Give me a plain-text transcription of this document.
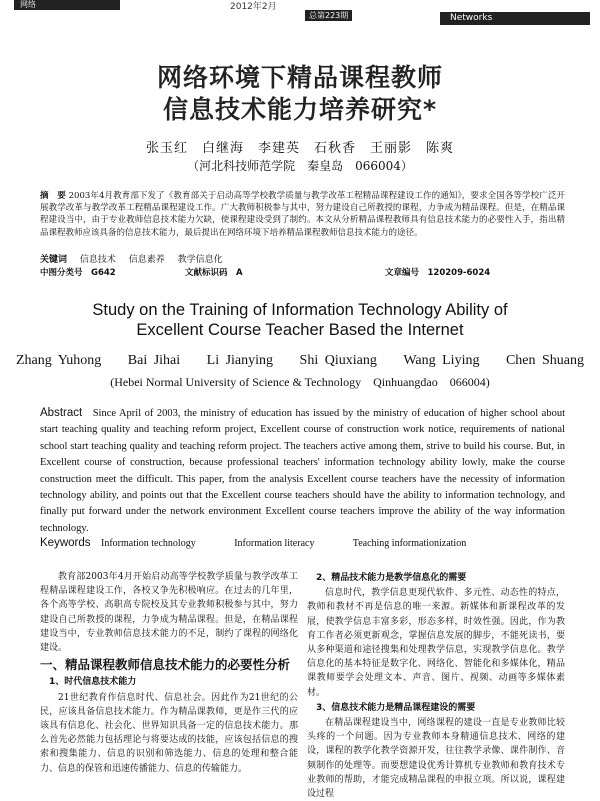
网络	2012年2月
总第223期	Networks
网络环境下精品课程教师
信息技术能力培养研究*
张玉红　白继海　李建英　石秋香　王丽影　陈爽
（河北科技师范学院　秦皇岛　066004）
摘　要 2003年4月教育部下发了《教育部关于启动高等学校教学质量与教学改革工程精品课程建设工作的通知》，要求全国各等学校广泛开展教学改革与教学改革工程精品课程建设工作。广大教师积极参与其中，努力建设自己所教授的课程，力争成为精品课程。但是，在精品课程建设当中，由于专业教师信息技术能力欠缺，使课程建设受到了制约。本文从分析精品课程教师具有信息技术能力的必要性入手，指出精品课程教师应该具备的信息技术能力，最后提出在网络环境下培养精品课程教师信息技术能力的途径。
关键词 信息技术 信息素养 教学信息化
中图分类号　G642	文献标识码　A	文章编号　120209-6024
Study on the Training of Information Technology Ability of
Excellent Course Teacher Based the Internet
Zhang Yuhong Bai Jihai Li Jianying Shi Qiuxiang Wang Liying Chen Shuang
(Hebei Normal University of Science & Technology　Qinhuangdao　066004)
Abstract Since April of 2003, the ministry of education has issued by the ministry of education of higher school about start teaching quality and teaching reform project, Excellent course of construction work notice, requirements of national school start teaching quality and teaching reform project. The teachers active among them, strive to build his course. But, in Excellent course of construction, because professional teachers' information technology ability lowly, make the course construction meet the difficult. This paper, from the analysis Excellent course teachers have the necessity of information technology ability, and points out that the Excellent course teachers should have the ability to information technology, and finally put forward under the network environment Excellent course teachers improve the ability of the way information technology.
Keywords Information technology	Information literacy	Teaching informationization

教育部2003年4月开始启动高等学校教学质量与教学改革工程精品课程建设工作，各校又争先积极响应。在过去的几年里，各个高等学校、高职高专院校及其专业教师积极参与其中，努力建设自己所教授的课程，力争成为精品课程。但是，在精品课程建设当中，专业教师信息技术能力的不足，制约了课程的网络化建设。

一、精品课程教师信息技术能力的必要性分析
1、时代信息技术能力

21世纪教育作信息时代、信息社会。因此作为21世纪的公民，应该具备信息技术能力。作为精品课教师，更是作三代的应该具有信息化、社会化、世界知识具备一定的信息技术能力。那么首先必然能力包括理论与将要达成的技能，应该包括信息的搜索和搜集能力、信息的识别和筛选能力、信息的处理和整合能力、信息的保管和迅速传播能力、信息的传输能力。

2、精品技术能力是教学信息化的需要

信息时代，教学信息更现代软件、多元性、动态性的特点，教师和教材不再是信息的唯一来源。新媒体和新课程改革的发展，使教学信息丰富多彩，形态多样，时效性强。因此，作为教育工作者必须更新观念，掌握信息发展的脚步，不能死读书，要从多种渠道和途径搜集和处理教学信息，实现教学信息化。教学信息化的基本特征是数字化、网络化、智能化和多媒体化，精品课教师要学会处理文本、声音、图片、视频、动画等多媒体素材。

3、信息技术能力是精品课程建设的需要

在精品课程建设当中，网络课程的建设一直是专业教师比较头疼的一个问题。因为专业教师本身精通信息技术、网络的建设，课程的教学化教学资源开发，往往教学录像、课件制作、音频制作的处理等。而要想建设优秀计算机专业教师和教育技术专业教师的帮助，才能完成精品课程的申报立项。所以说，课程建设过程
